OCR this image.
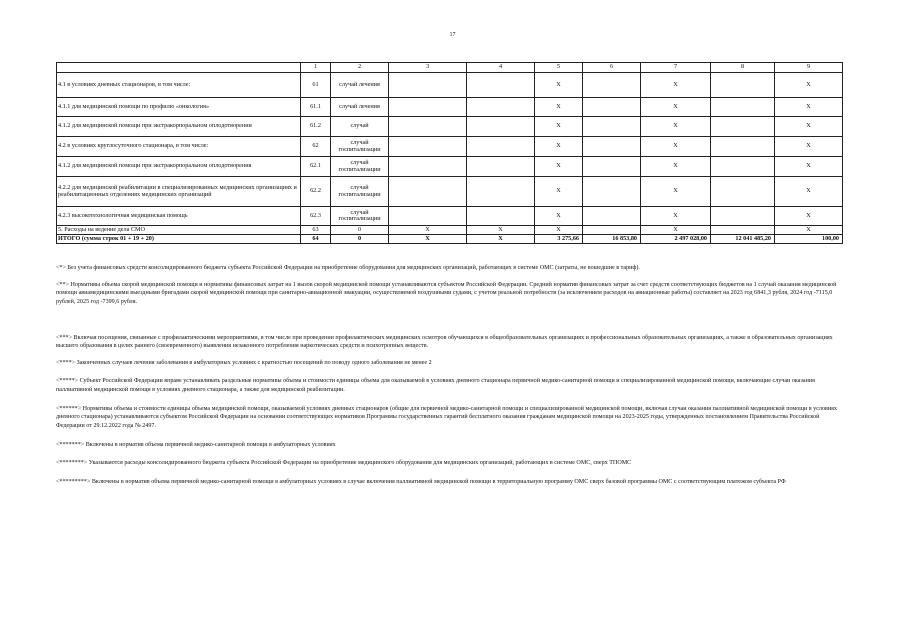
17
	1	2	3	4	5	6	7	8	9
4.1 в условиях дневных стационаров, в том числе:	61	случай лечения			Х		Х		Х
4.1.1 для медицинской помощи по профилю «онкология»	61.1	случай лечения			Х		Х		Х
4.1.2 для медицинской помощи при экстракорпоральном оплодотворении	61.2	случай			Х		Х		Х
4.2 в условиях круглосуточного стационара, в том числе:	62	случай госпитализации			Х		Х		Х
4.1.2 для медицинской помощи при экстракорпоральном оплодотворения	62.1	случай госпитализации			Х		Х		Х
4.2.2 для медицинской реабилитации в специализированных медицинских организациях и реабилитационных отделениях медицинских организаций	62.2	случай госпитализации			Х		Х		Х
4.2.3 высокотехнологичная медицинская помощь	62.3	случай госпитализации			Х		Х		Х
5. Расходы на ведение дела СМО	63	0	Х	Х	Х		Х		Х
ИТОГО (сумма строк 01 + 19 + 20)	64	0	Х	Х	3 275,66	16 853,80	2 497 028,00	12 041 485,20	100,00

<*> Без учета финансовых средств консолидированного бюджета субъекта Российской Федерации на приобретение оборудования для медицинских организаций, работающих в системе ОМС (затраты, не вошедшие в тариф).

<**> Нормативы объема скорой медицинской помощи и нормативы финансовых затрат на 1 вызов скорой медицинской помощи устанавливаются субъектом Российской Федерации. Средний норматив финансовых затрат за счет средств соответствующих бюджетов на 1 случай оказания медицинской помощи авиамедицинскими выездными бригадами скорой медицинской помощи при санитарно-авиационной эвакуации, осуществляемой воздушными судами, с учетом реальной потребности (за исключением расходов на авиационные работы) составляет на 2023 год 6841,3 рубля, 2024 год -7115,0 рублей, 2025 год -7399,6 рубля.

<***> Включая посещения, связанные с профилактическими мероприятиями, в том числе при проведении профилактических медицинских осмотров обучающихся в общеобразовательных организациях и профессиональных образовательных организациях, а также в образовательных организациях высшего образования в целях раннего (своевременного) выявления незаконного потребления наркотических средств и психотропных веществ.

<****> Законченных случаев лечения заболевания в амбулаторных условиях с кратностью посещений по поводу одного заболевания не менее 2

<*****> Субъект Российской Федерации вправе устанавливать раздельные нормативы объема и стоимости единицы объема для оказываемой в условиях дневного стационара первичной медико-санитарной помощи и специализированной медицинской помощи, включающие случаи оказания паллиативной медицинской помощи в условиях дневного стационара, а также для медицинской реабилитации.

<******> Нормативы объема и стоимости единицы объема медицинской помощи, оказываемой условиях дневных стационаров (общие для первичной медико-санитарной помощи и специализированной медицинской помощи, включая случаи оказания паллиативной медицинской помощи в условиях дневного стационара) устанавливаются субъектом Российской Федерации на основании соответствующих нормативов Программы государственных гарантий бесплатного оказания гражданам медицинской помощи на 2023-2025 годы, утвержденных постановлением Правительства Российской Федерации от 29.12.2022 года № 2497.

<*******> Включены в норматив объема первичной медико-санитарной помощи в амбулаторных условиях

<********> Указываются расходы консолидированного бюджета субъекта Российской Федерации на приобретение медицинского оборудования для медицинских организаций, работающих в системе ОМС, сверх ТПОМС

<*********> Включены в норматив объема первичной медико-санитарной помощи в амбулаторных условиях в случае включения паллиативной медицинской помощи в территориальную программу ОМС сверх базовой программы ОМС с соответствующим платежом субъекта РФ
